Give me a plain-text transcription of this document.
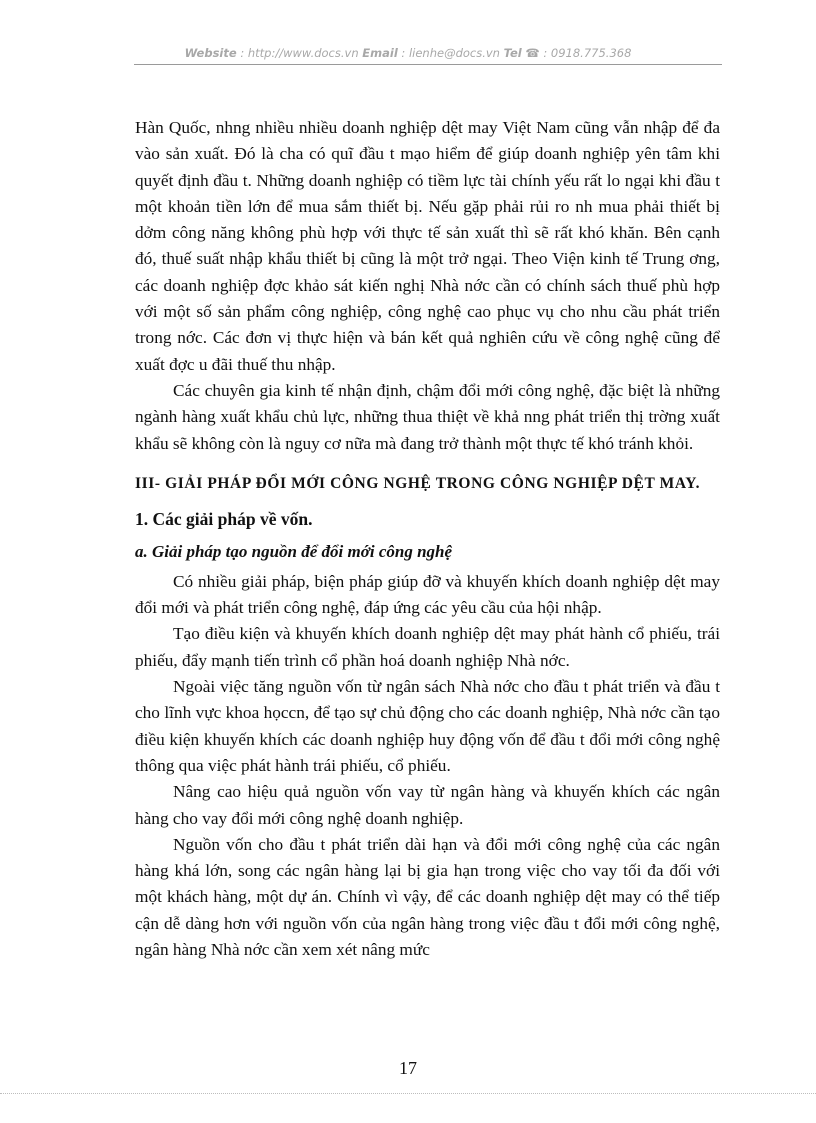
Website : http://www.docs.vn Email : lienhe@docs.vn Tel ☎ : 0918.775.368

Hàn Quốc, nhng nhiều nhiều doanh nghiệp dệt may Việt Nam cũng vẫn nhập để đa vào sản xuất. Đó là cha có quĩ đầu t mạo hiểm để giúp doanh nghiệp yên tâm khi quyết định đầu t. Những doanh nghiệp có tiềm lực tài chính yếu rất lo ngại khi đầu t một khoản tiền lớn để mua sắm thiết bị. Nếu gặp phải rủi ro nh mua phải thiết bị dởm công năng không phù hợp với thực tế sản xuất thì sẽ rất khó khăn. Bên cạnh đó, thuế suất nhập khẩu thiết bị cũng là một trở ngại. Theo Viện kinh tế Trung ơng, các doanh nghiệp đợc khảo sát kiến nghị Nhà nớc cần có chính sách thuế phù hợp với một số sản phẩm công nghiệp, công nghệ cao phục vụ cho nhu cầu phát triển trong nớc. Các đơn vị thực hiện và bán kết quả nghiên cứu về công nghệ cũng để xuất đợc u đãi thuế thu nhập.

Các chuyên gia kinh tế nhận định, chậm đổi mới công nghệ, đặc biệt là những ngành hàng xuất khẩu chủ lực, những thua thiệt về khả nng phát triển thị trờng xuất khẩu sẽ không còn là nguy cơ nữa mà đang trở thành một thực tế khó tránh khỏi.

III- GIẢI PHÁP ĐỔI MỚI CÔNG NGHỆ TRONG CÔNG NGHIỆP DỆT MAY.
1. Các giải pháp về vốn.
a. Giải pháp tạo nguồn để đổi mới công nghệ

Có nhiều giải pháp, biện pháp giúp đỡ và khuyến khích doanh nghiệp dệt may đổi mới và phát triển công nghệ, đáp ứng các yêu cầu của hội nhập.

Tạo điều kiện và khuyến khích doanh nghiệp dệt may phát hành cổ phiếu, trái phiếu, đẩy mạnh tiến trình cổ phần hoá doanh nghiệp Nhà nớc.

Ngoài việc tăng nguồn vốn từ ngân sách Nhà nớc cho đầu t phát triển và đầu t cho lĩnh vực khoa họccn, để tạo sự chủ động cho các doanh nghiệp, Nhà nớc cần tạo điều kiện khuyến khích các doanh nghiệp huy động vốn để đầu t đổi mới công nghệ thông qua việc phát hành trái phiếu, cổ phiếu.

Nâng cao hiệu quả nguồn vốn vay từ ngân hàng và khuyến khích các ngân hàng cho vay đổi mới công nghệ doanh nghiệp.

Nguồn vốn cho đầu t phát triển dài hạn và đổi mới công nghệ của các ngân hàng khá lớn, song các ngân hàng lại bị gia hạn trong việc cho vay tối đa đối với một khách hàng, một dự án. Chính vì vậy, để các doanh nghiệp dệt may có thể tiếp cận dễ dàng hơn với nguồn vốn của ngân hàng trong việc đầu t đổi mới công nghệ, ngân hàng Nhà nớc cần xem xét nâng mức

17
